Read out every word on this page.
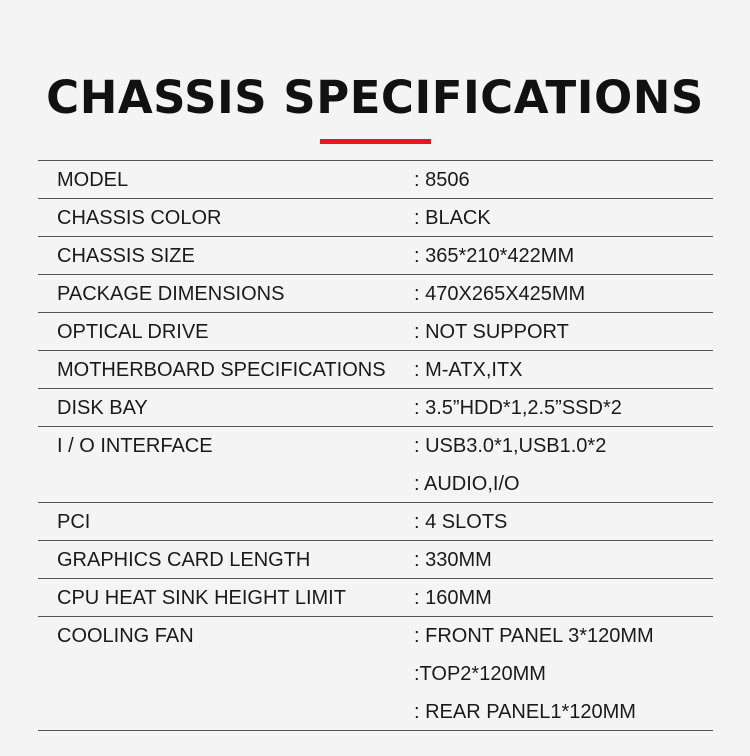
CHASSIS SPECIFICATIONS
MODEL	: 8506
CHASSIS COLOR	: BLACK
CHASSIS SIZE	: 365*210*422MM
PACKAGE DIMENSIONS	: 470X265X425MM
OPTICAL DRIVE	: NOT SUPPORT
MOTHERBOARD SPECIFICATIONS : M-ATX,ITX
DISK BAY	: 3.5”HDD*1,2.5”SSD*2
I / O INTERFACE	: USB3.0*1,USB1.0*2
: AUDIO,I/O
PCI	: 4 SLOTS
GRAPHICS CARD LENGTH	: 330MM
CPU HEAT SINK HEIGHT LIMIT	: 160MM
COOLING FAN	: FRONT PANEL 3*120MM
:TOP2*120MM
: REAR PANEL1*120MM
